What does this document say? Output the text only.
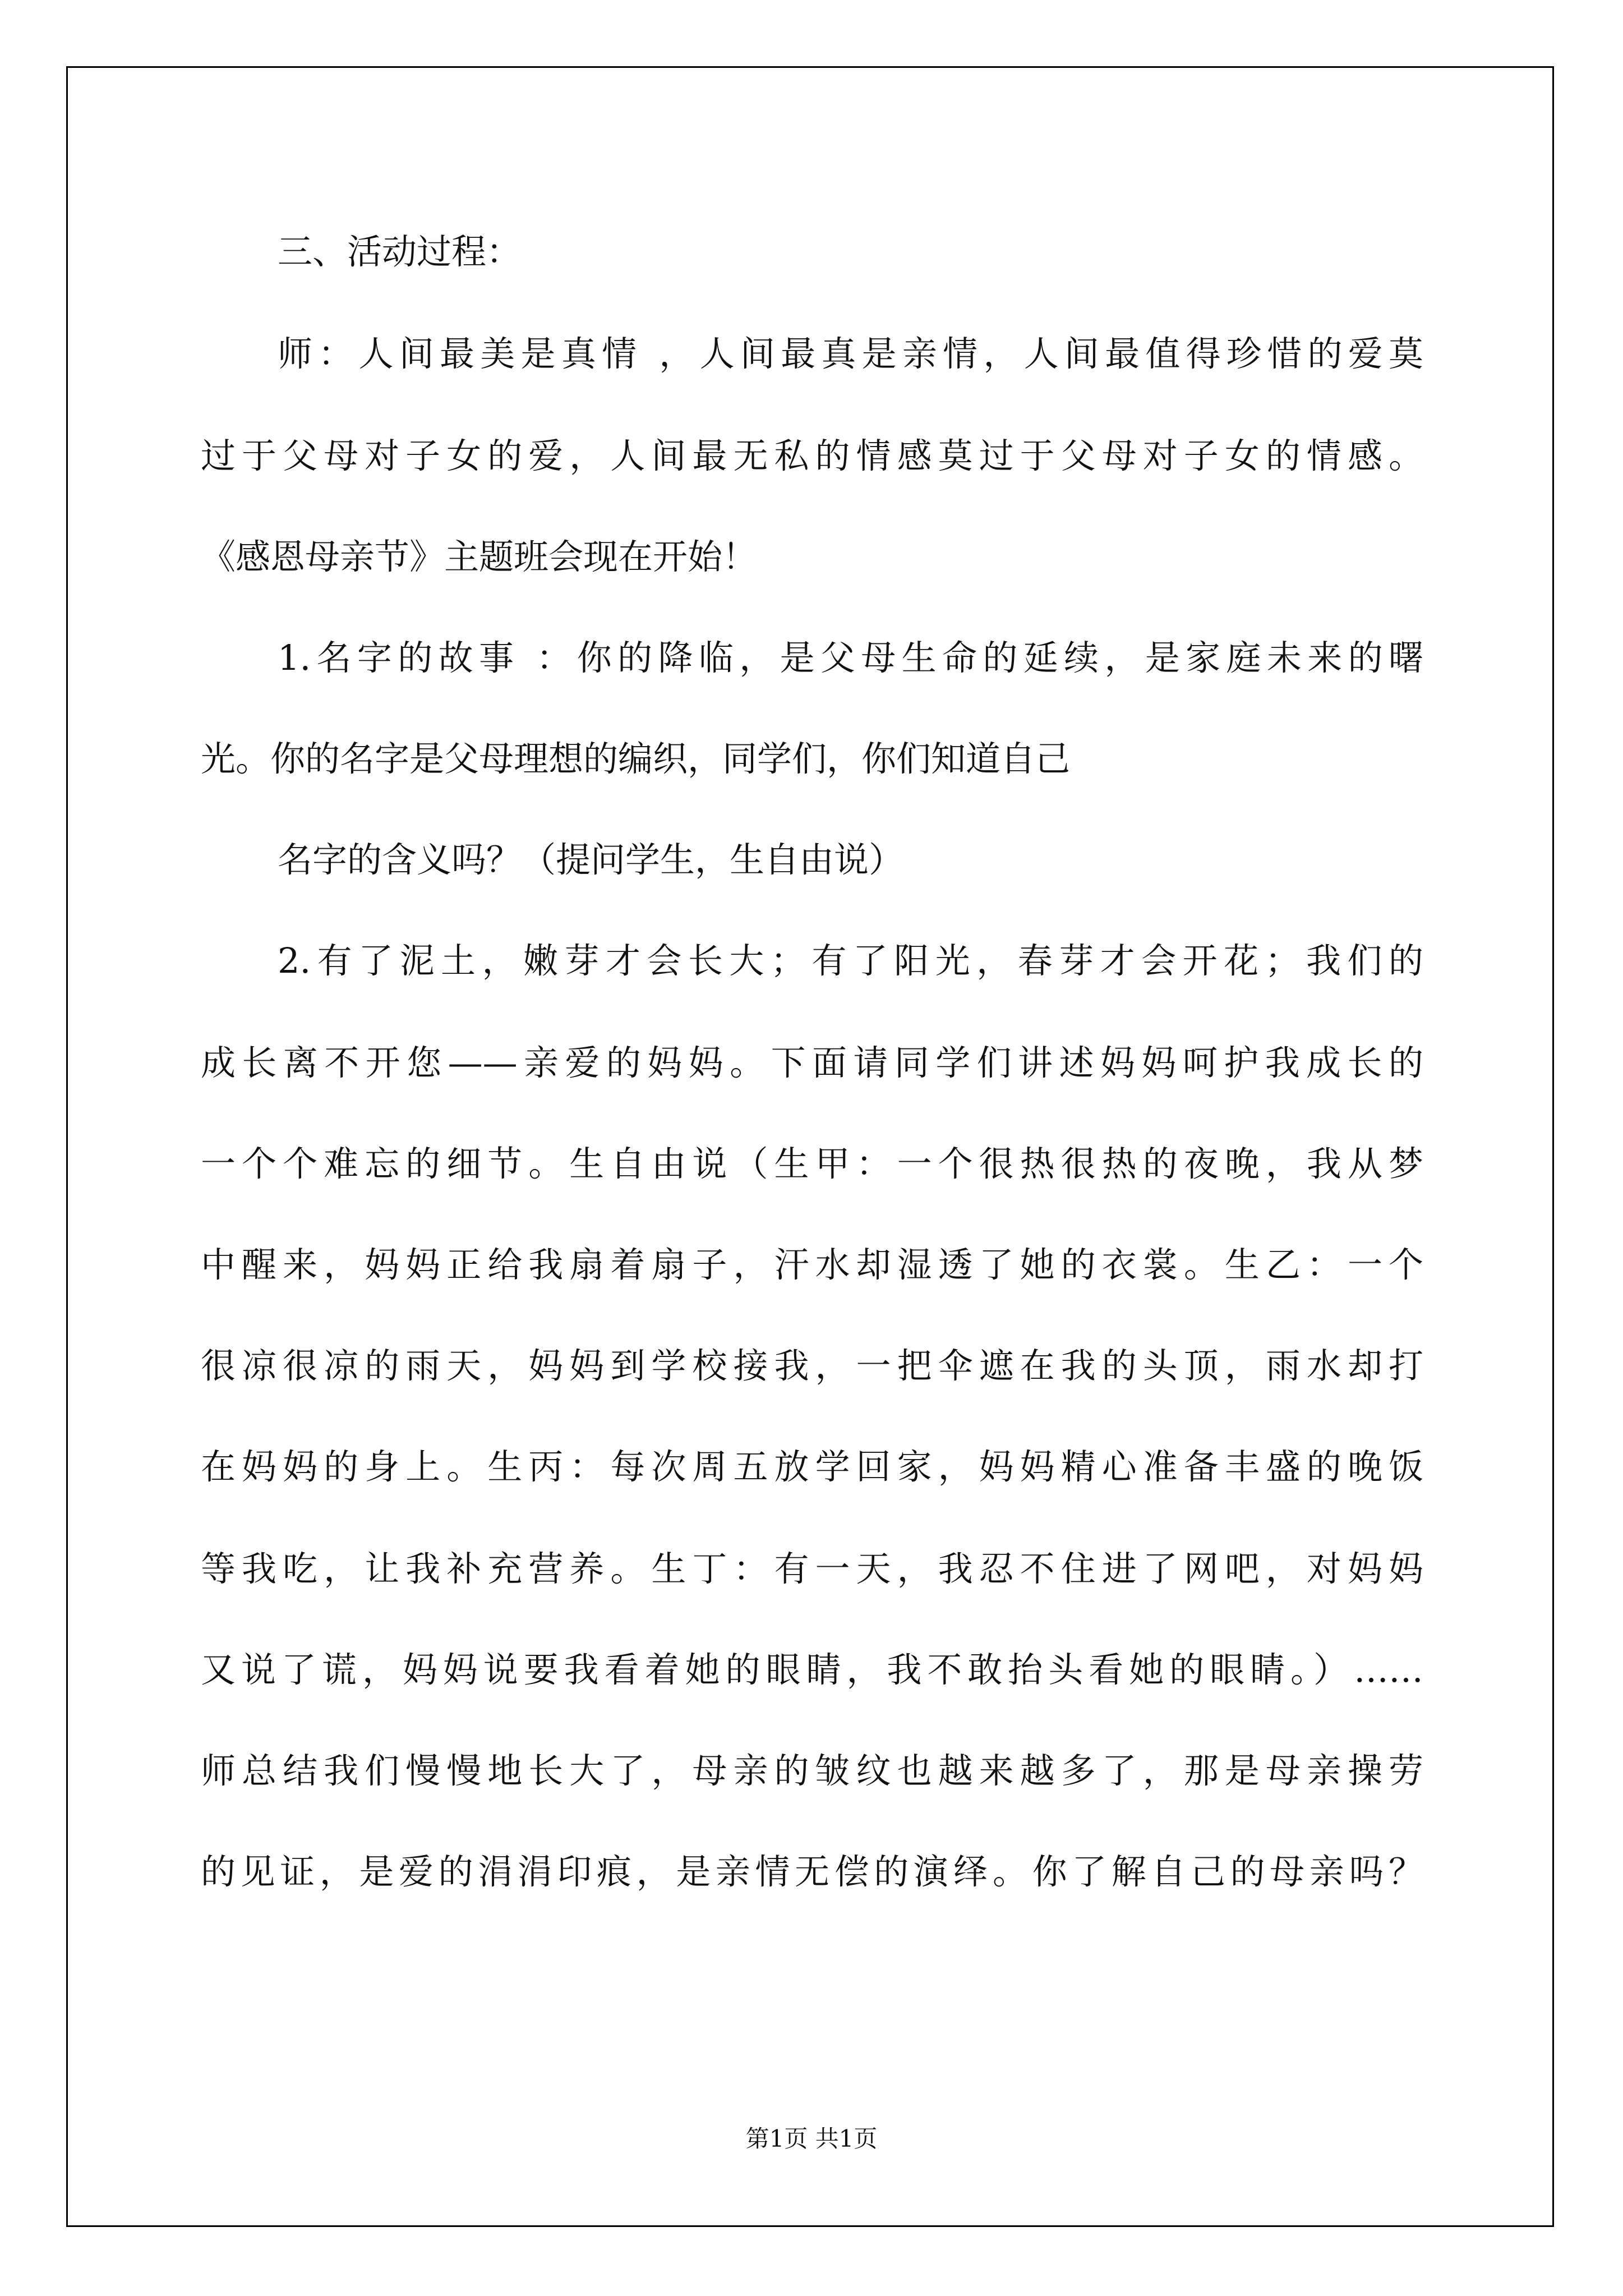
三、活动过程：

师：人间最美是真情 ，人间最真是亲情，人间最值得珍惜的爱莫

过于父母对子女的爱，人间最无私的情感莫过于父母对子女的情感。

《感恩母亲节》主题班会现在开始！

1.名字的故事 ：你的降临，是父母生命的延续，是家庭未来的曙

光。你的名字是父母理想的编织，同学们，你们知道自己

名字的含义吗？（提问学生，生自由说）

2.有了泥土，嫩芽才会长大；有了阳光，春芽才会开花；我们的

成长离不开您——亲爱的妈妈。下面请同学们讲述妈妈呵护我成长的

一个个难忘的细节。生自由说（生甲：一个很热很热的夜晚，我从梦

中醒来，妈妈正给我扇着扇子，汗水却湿透了她的衣裳。生乙：一个

很凉很凉的雨天，妈妈到学校接我，一把伞遮在我的头顶，雨水却打

在妈妈的身上。生丙：每次周五放学回家，妈妈精心准备丰盛的晚饭

等我吃，让我补充营养。生丁：有一天，我忍不住进了网吧，对妈妈

又说了谎，妈妈说要我看着她的眼睛，我不敢抬头看她的眼睛。）……

师总结我们慢慢地长大了，母亲的皱纹也越来越多了，那是母亲操劳

的见证，是爱的涓涓印痕，是亲情无偿的演绎。你了解自己的母亲吗？

第1页 共1页
